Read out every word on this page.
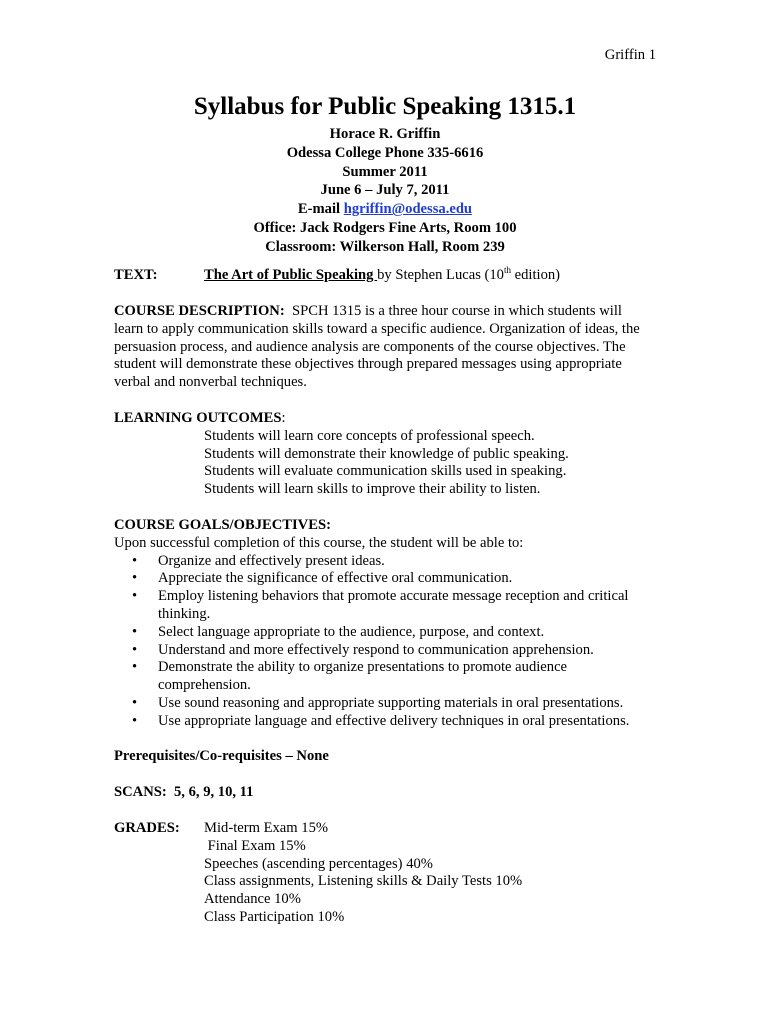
Griffin 1
Syllabus for Public Speaking 1315.1
Horace R. Griffin
Odessa College Phone 335-6616
Summer 2011
June 6 – July 7, 2011
E-mail hgriffin@odessa.edu
Office: Jack Rodgers Fine Arts, Room 100
Classroom: Wilkerson Hall, Room 239
TEXT:	The Art of Public Speaking by Stephen Lucas (10th edition)
COURSE DESCRIPTION:  SPCH 1315 is a three hour course in which students will learn to apply communication skills toward a specific audience. Organization of ideas, the persuasion process, and audience analysis are components of the course objectives. The student will demonstrate these objectives through prepared messages using appropriate verbal and nonverbal techniques.
LEARNING OUTCOMES:
Students will learn core concepts of professional speech.
Students will demonstrate their knowledge of public speaking.
Students will evaluate communication skills used in speaking.
Students will learn skills to improve their ability to listen.
COURSE GOALS/OBJECTIVES:
Upon successful completion of this course, the student will be able to:
• Organize and effectively present ideas.
• Appreciate the significance of effective oral communication.
• Employ listening behaviors that promote accurate message reception and critical thinking.
• Select language appropriate to the audience, purpose, and context.
• Understand and more effectively respond to communication apprehension.
• Demonstrate the ability to organize presentations to promote audience comprehension.
• Use sound reasoning and appropriate supporting materials in oral presentations.
• Use appropriate language and effective delivery techniques in oral presentations.
Prerequisites/Co-requisites – None
SCANS:  5, 6, 9, 10, 11
GRADES: Mid-term Exam 15%
Final Exam 15%
Speeches (ascending percentages) 40%
Class assignments, Listening skills & Daily Tests 10%
Attendance 10%
Class Participation 10%
